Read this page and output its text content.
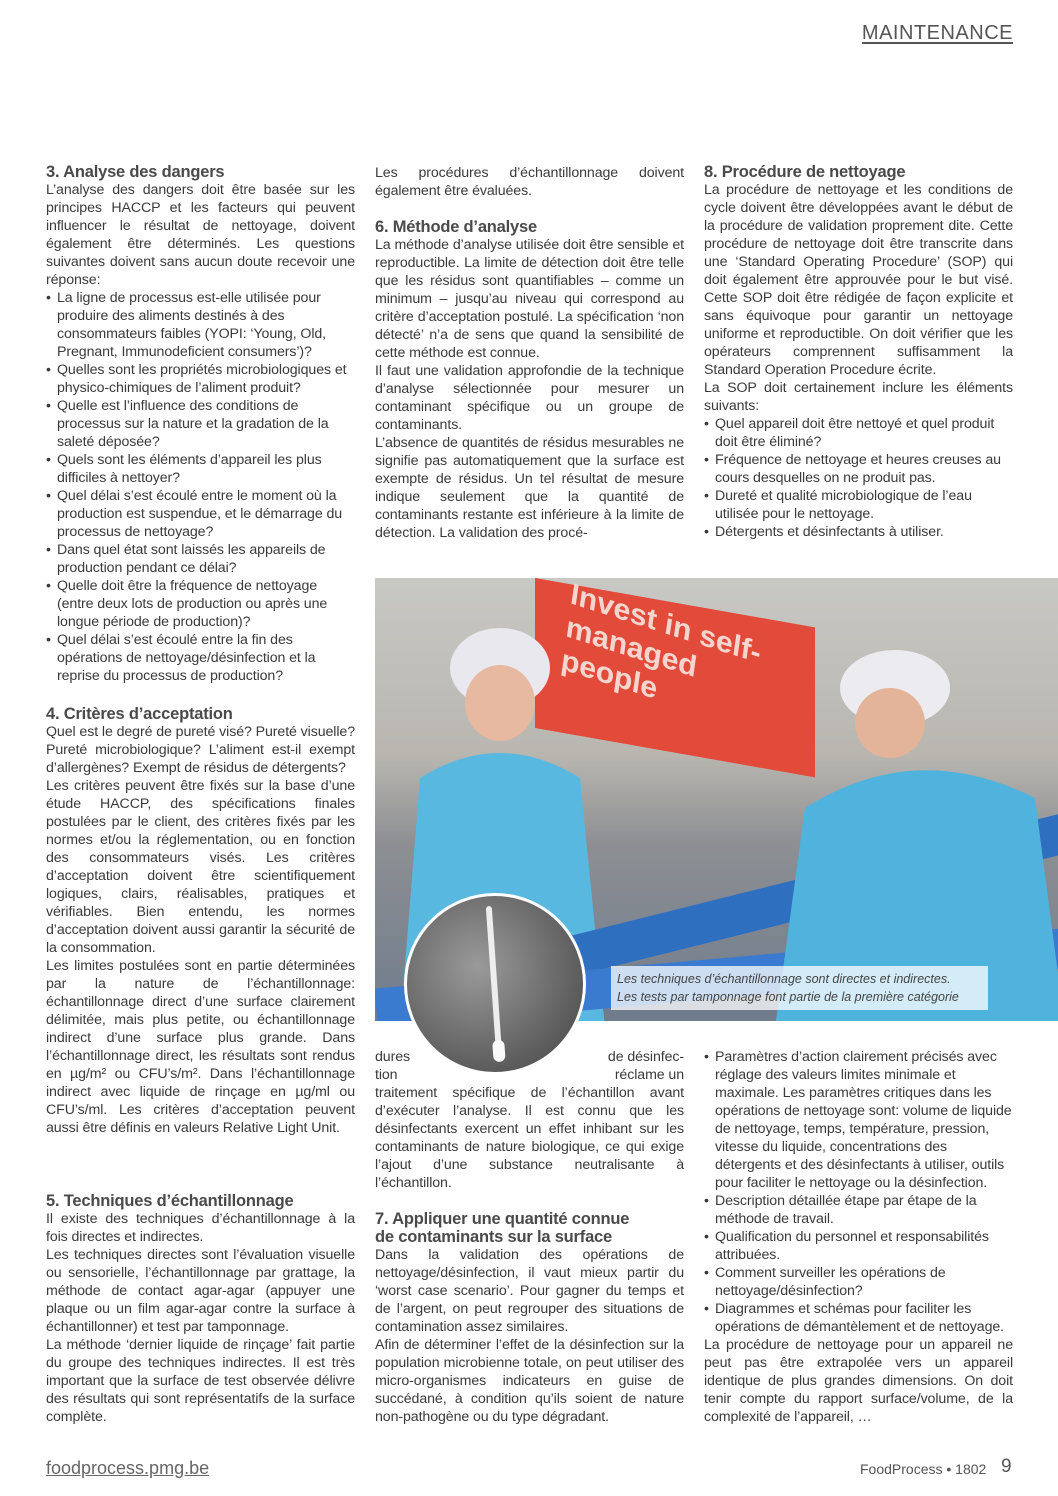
MAINTENANCE
3. Analyse des dangers

L’analyse des dangers doit être basée sur les principes HACCP et les facteurs qui peuvent influencer le résultat de nettoyage, doivent également être déterminés. Les questions suivantes doivent sans aucun doute recevoir une réponse:

• La ligne de processus est-elle utilisée pour produire des aliments destinés à des consommateurs faibles (YOPI: ‘Young, Old, Pregnant, Immunodeficient consumers’)?
• Quelles sont les propriétés microbiologiques et physico-chimiques de l’aliment produit?
• Quelle est l’influence des conditions de processus sur la nature et la gradation de la saleté déposée?
• Quels sont les éléments d’appareil les plus difficiles à nettoyer?
• Quel délai s’est écoulé entre le moment où la production est suspendue, et le démarrage du processus de nettoyage?
• Dans quel état sont laissés les appareils de production pendant ce délai?
• Quelle doit être la fréquence de nettoyage (entre deux lots de production ou après une longue période de production)?
• Quel délai s’est écoulé entre la fin des opérations de nettoyage/désinfection et la reprise du processus de production?
4. Critères d’acceptation

Quel est le degré de pureté visé? Pureté visuelle? Pureté microbiologique? L’aliment est-il exempt d’allergènes? Exempt de résidus de détergents?

Les critères peuvent être fixés sur la base d’une étude HACCP, des spécifications finales postulées par le client, des critères fixés par les normes et/ou la réglementation, ou en fonction des consommateurs visés. Les critères d’acceptation doivent être scientifiquement logiques, clairs, réalisables, pratiques et vérifiables. Bien entendu, les normes d’acceptation doivent aussi garantir la sécurité de la consommation.

Les limites postulées sont en partie déterminées par la nature de l’échantillonnage: échantillonnage direct d’une surface clairement délimitée, mais plus petite, ou échantillonnage indirect d’une surface plus grande. Dans l’échantillonnage direct, les résultats sont rendus en µg/m² ou CFU’s/m². Dans l’échantillonnage indirect avec liquide de rinçage en µg/ml ou CFU’s/ml. Les critères d’acceptation peuvent aussi être définis en valeurs Relative Light Unit.

5. Techniques d’échantillonnage

Il existe des techniques d’échantillonnage à la fois directes et indirectes.

Les techniques directes sont l’évaluation visuelle ou sensorielle, l’échantillonnage par grattage, la méthode de contact agar-agar (appuyer une plaque ou un film agar-agar contre la surface à échantillonner) et test par tamponnage.

La méthode ‘dernier liquide de rinçage’ fait partie du groupe des techniques indirectes. Il est très important que la surface de test observée délivre des résultats qui sont représentatifs de la surface complète.

Les procédures d’échantillonnage doivent également être évaluées.

6. Méthode d’analyse

La méthode d’analyse utilisée doit être sensible et reproductible. La limite de détection doit être telle que les résidus sont quantifiables – comme un minimum – jusqu’au niveau qui correspond au critère d’acceptation postulé. La spécification ‘non détecté’ n’a de sens que quand la sensibilité de cette méthode est connue.

Il faut une validation approfondie de la technique d’analyse sélectionnée pour mesurer un contaminant spécifique ou un groupe de contaminants.

L’absence de quantités de résidus mesurables ne signifie pas automatiquement que la surface est exempte de résidus. Un tel résultat de mesure indique seulement que la quantité de contaminants restante est inférieure à la limite de détection. La validation des procé-

dures	de désinfec-
tion	réclame un

traitement spécifique de l’échantillon avant d’exécuter l’analyse. Il est connu que les désinfectants exercent un effet inhibant sur les contaminants de nature biologique, ce qui exige l’ajout d’une substance neutralisante à l’échantillon.

7. Appliquer une quantité connue
de contaminants sur la surface

Dans la validation des opérations de nettoyage/désinfection, il vaut mieux partir du ‘worst case scenario’. Pour gagner du temps et de l’argent, on peut regrouper des situations de contamination assez similaires.

Afin de déterminer l’effet de la désinfection sur la population microbienne totale, on peut utiliser des micro-organismes indicateurs en guise de succédané, à condition qu’ils soient de nature non-pathogène ou du type dégradant.

8. Procédure de nettoyage

La procédure de nettoyage et les conditions de cycle doivent être développées avant le début de la procédure de validation proprement dite. Cette procédure de nettoyage doit être transcrite dans une ‘Standard Operating Procedure’ (SOP) qui doit également être approuvée pour le but visé. Cette SOP doit être rédigée de façon explicite et sans équivoque pour garantir un nettoyage uniforme et reproductible. On doit vérifier que les opérateurs comprennent suffisamment la Standard Operation Procedure écrite.

La SOP doit certainement inclure les éléments suivants:

• Quel appareil doit être nettoyé et quel produit doit être éliminé?
• Fréquence de nettoyage et heures creuses au cours desquelles on ne produit pas.
• Dureté et qualité microbiologique de l’eau utilisée pour le nettoyage.
• Détergents et désinfectants à utiliser.
• Paramètres d’action clairement précisés avec réglage des valeurs limites minimale et maximale. Les paramètres critiques dans les opérations de nettoyage sont: volume de liquide de nettoyage, temps, température, pression, vitesse du liquide, concentrations des détergents et des désinfectants à utiliser, outils pour faciliter le nettoyage ou la désinfection.
• Description détaillée étape par étape de la méthode de travail.
• Qualification du personnel et responsabilités attribuées.
• Comment surveiller les opérations de nettoyage/désinfection?
• Diagrammes et schémas pour faciliter les opérations de démantèlement et de nettoyage.

La procédure de nettoyage pour un appareil ne peut pas être extrapolée vers un appareil identique de plus grandes dimensions. On doit tenir compte du rapport surface/volume, de la complexité de l’appareil, …

Invest in self-managed people
Les techniques d’échantillonnage sont directes et indirectes.
Les tests par tamponnage font partie de la première catégorie
foodprocess.pmg.be	FoodProcess • 1802 9
